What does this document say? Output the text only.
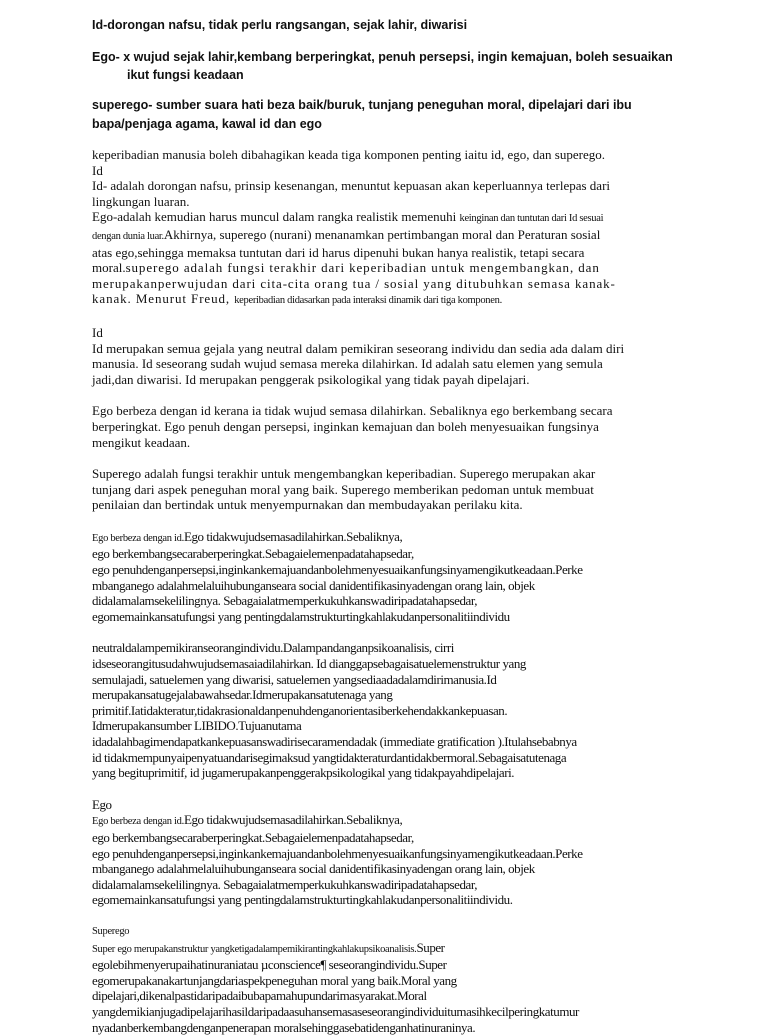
Id-dorongan nafsu, tidak perlu rangsangan, sejak lahir, diwarisi
Ego- x wujud sejak lahir,kembang berperingkat, penuh persepsi, ingin kemajuan, boleh sesuaikan
ikut fungsi keadaan
superego- sumber suara hati beza baik/buruk, tunjang peneguhan moral, dipelajari dari ibu
bapa/penjaga agama, kawal id dan ego

keperibadian manusia boleh dibahagikan keada tiga komponen penting iaitu id, ego, dan superego.

Id

Id- adalah dorongan nafsu, prinsip kesenangan, menuntut kepuasan akan keperluannya terlepas dari

lingkungan luaran.

Ego-adalah kemudian harus muncul dalam rangka realistik memenuhi keinginan dan tuntutan dari Id sesuai

dengan dunia luar.Akhirnya, superego (nurani) menanamkan pertimbangan moral dan Peraturan sosial

atas ego,sehingga memaksa tuntutan dari id harus dipenuhi bukan hanya realistik, tetapi secara

moral.superego adalah fungsi terakhir dari keperibadian untuk mengembangkan, dan

merupakanperwujudan dari cita-cita orang tua / sosial yang ditubuhkan semasa kanak-

kanak. Menurut Freud, keperibadian didasarkan pada interaksi dinamik dari tiga komponen.

Id

Id merupakan semua gejala yang neutral dalam pemikiran seseorang individu dan sedia ada dalam diri

manusia. Id seseorang sudah wujud semasa mereka dilahirkan. Id adalah satu elemen yang semula

jadi,dan diwarisi. Id merupakan penggerak psikologikal yang tidak payah dipelajari.

Ego berbeza dengan id kerana ia tidak wujud semasa dilahirkan. Sebaliknya ego berkembang secara

berperingkat. Ego penuh dengan persepsi, inginkan kemajuan dan boleh menyesuaikan fungsinya

mengikut keadaan.

Superego adalah fungsi terakhir untuk mengembangkan keperibadian. Superego merupakan akar

tunjang dari aspek peneguhan moral yang baik. Superego memberikan pedoman untuk membuat

penilaian dan bertindak untuk menyempurnakan dan membudayakan perilaku kita.

Ego berbeza dengan id.Ego tidakwujudsemasadilahirkan.Sebaliknya,

ego berkembangsecaraberperingkat.Sebagaielemenpadatahapsedar,

ego penuhdenganpersepsi,inginkankemajuandanbolehmenyesuaikanfungsinyamengikutkeadaan.Perke

mbanganego adalahmelaluihubunganseara social danidentifikasinyadengan orang lain, objek

didalamalamsekelilingnya. Sebagaialatmemperkukuhkanswadiripadatahapsedar,

egomemainkansatufungsi yang pentingdalamstrukturtingkahlakudanpersonalitiindividu

neutraldalampemikiranseorangindividu.Dalampandanganpsikoanalisis, cirri

idseseorangitusudahwujudsemasaiadilahirkan. Id dianggapsebagaisatuelemenstruktur yang

semulajadi, satuelemen yang diwarisi, satuelemen yangsediaadadalamdirimanusia.Id

merupakansatugejalabawahsedar.Idmerupakansatutenaga yang

primitif.Iatidakteratur,tidakrasionaldanpenuhdenganorientasiberkehendakkankepuasan.

Idmerupakansumber LIBIDO.Tujuanutama

idadalahbagimendapatkankepuasanswadirisecaramendadak (immediate gratification ).Itulahsebabnya

id tidakmempunyaipenyatuandarisegimaksud yangtidakteraturdantidakbermoral.Sebagaisatutenaga

yang begituprimitif, id jugamerupakanpenggerakpsikologikal yang tidakpayahdipelajari.

Ego

Ego berbeza dengan id.Ego tidakwujudsemasadilahirkan.Sebaliknya,

ego berkembangsecaraberperingkat.Sebagaielemenpadatahapsedar,

ego penuhdenganpersepsi,inginkankemajuandanbolehmenyesuaikanfungsinyamengikutkeadaan.Perke

mbanganego adalahmelaluihubunganseara social danidentifikasinyadengan orang lain, objek

didalamalamsekelilingnya. Sebagaialatmemperkukuhkanswadiripadatahapsedar,

egomemainkansatufungsi yang pentingdalamstrukturtingkahlakudanpersonalitiindividu.

Superego

Super ego merupakanstruktur yangketigadalampemikirantingkahlakupsikoanalisis.Super

egolebihmenyerupaihatinuraniatau µconscience¶ seseorangindividu.Super

egomerupakanakartunjangdariaspekpeneguhan moral yang baik.Moral yang

dipelajari,dikenalpastidaripadaibubapamahupundarimasyarakat.Moral

yangdemikianjugadipelajarihasildaripadaasuhansemasaseseorangindividuitumasihkecilperingkatumur

nyadanberkembangdenganpenerapan moralsehinggasebatidenganhatinuraninya.
